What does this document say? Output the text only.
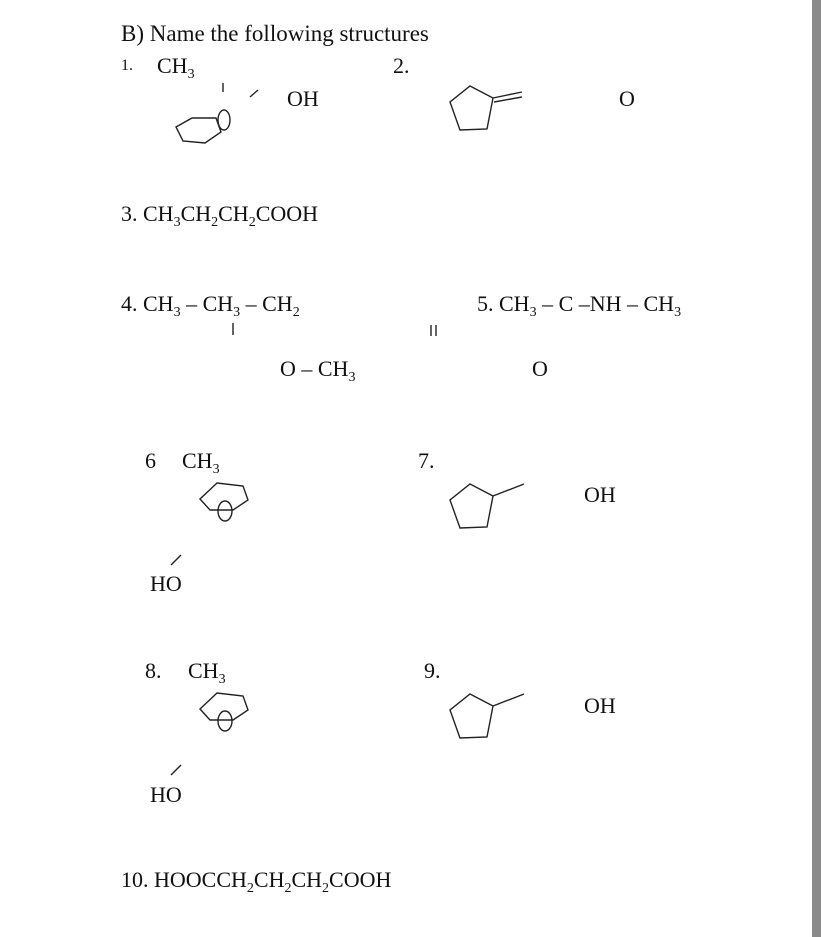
B) Name the following structures
1. $CH_3$
OH
2.
O
3. $CH_3CH_2CH_2COOH$
4. $CH_3 - CH_3 - CH_2$
O – $CH_3$
5. $CH_3$ – C $-NH - CH_3$
O
6 $CH_3$
HO
7.
OH
8. $CH_3$
HO
9.
OH
10. $HOOCCH_2CH_2CH_2COOH$
